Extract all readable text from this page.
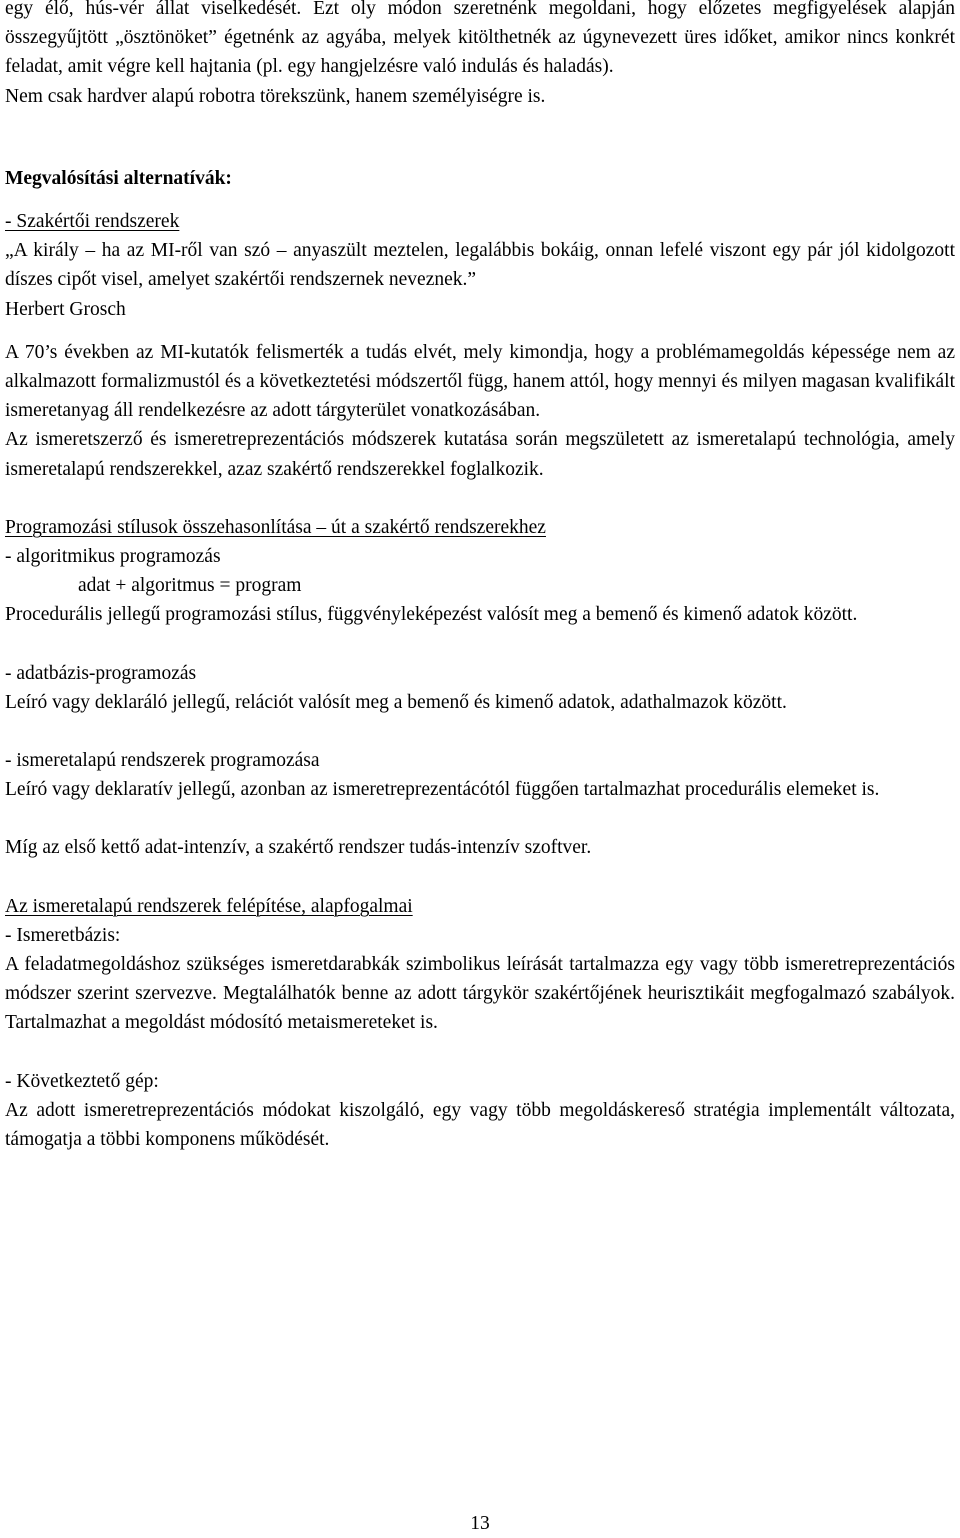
egy élő, hús-vér állat viselkedését. Ezt oly módon szeretnénk megoldani, hogy előzetes megfigyelések alapján összegyűjtött „ösztönöket” égetnénk az agyába, melyek kitölthetnék az úgynevezett üres időket, amikor nincs konkrét feladat, amit végre kell hajtania (pl. egy hangjelzésre való indulás és haladás).

Nem csak hardver alapú robotra törekszünk, hanem személyiségre is.

Megvalósítási alternatívák:

- Szakértői rendszerek

„A király – ha az MI-ről van szó – anyaszült meztelen, legalábbis bokáig, onnan lefelé viszont egy pár jól kidolgozott díszes cipőt visel, amelyet szakértői rendszernek neveznek.”

Herbert Grosch

A 70’s években az MI-kutatók felismerték a tudás elvét, mely kimondja, hogy a problémamegoldás képessége nem az alkalmazott formalizmustól és a következtetési módszertől függ, hanem attól, hogy mennyi és milyen magasan kvalifikált ismeretanyag áll rendelkezésre az adott tárgyterület vonatkozásában.

Az ismeretszerző és ismeretreprezentációs módszerek kutatása során megszületett az ismeretalapú technológia, amely ismeretalapú rendszerekkel, azaz szakértő rendszerekkel foglalkozik.

Programozási stílusok összehasonlítása – út a szakértő rendszerekhez

- algoritmikus programozás

adat + algoritmus = program

Procedurális jellegű programozási stílus, függvényleképezést valósít meg a bemenő és kimenő adatok között.

- adatbázis-programozás

Leíró vagy deklaráló jellegű, relációt valósít meg a bemenő és kimenő adatok, adathalmazok között.

- ismeretalapú rendszerek programozása

Leíró vagy deklaratív jellegű, azonban az ismeretreprezentácótól függően tartalmazhat procedurális elemeket is.

Míg az első kettő adat-intenzív, a szakértő rendszer tudás-intenzív szoftver.

Az ismeretalapú rendszerek felépítése, alapfogalmai

- Ismeretbázis:

A feladatmegoldáshoz szükséges ismeretdarabkák szimbolikus leírását tartalmazza egy vagy több ismeretreprezentációs módszer szerint szervezve. Megtalálhatók benne az adott tárgykör szakértőjének heurisztikáit megfogalmazó szabályok. Tartalmazhat a megoldást módosító metaismereteket is.

- Következtető gép:

Az adott ismeretreprezentációs módokat kiszolgáló, egy vagy több megoldáskereső stratégia implementált változata, támogatja a többi komponens működését.

13
